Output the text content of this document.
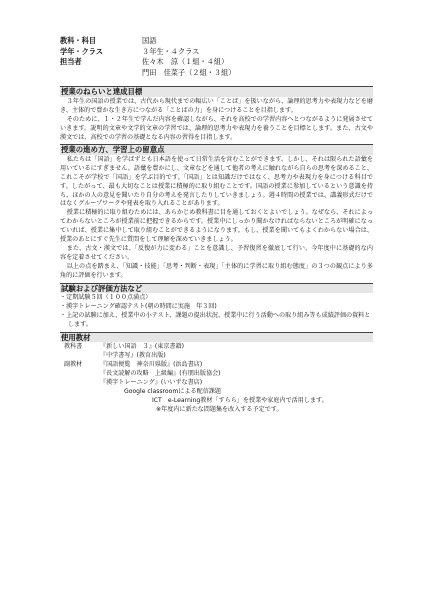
教科・科目	国語
学年・クラス	３年生・４クラス
担当者	佐々木　涼（１組・４組）
門田　佳菜子（２組・３組）
授業のねらいと達成目標

３年生の国語の授業では、古代から現代までの幅広い「ことば」を扱いながら、論理的思考力や表現力などを磨き、主体的で豊かな生き方につながる「ことばの力」を身につけることを目指します。

そのために、１・２年生で学んだ内容を確認しながら、それを高校での学習内容へとつながるように発展させていきます。説明的文章や文学的文章の学習では、論理的思考力や表現力を養うことを目標とします。また、古文や漢文では、高校での学習の基礎となる内容の習得を目指します。

授業の進め方、学習上の留意点

私たちは「国語」を学ばずとも日本語を使って日常生活を営むことができます。しかし、それは限られた語彙を用いているにすぎません。語彙を豊かにし、文章などを通して他者の考えに触れながら自らの思考を深めること、これこそが学校で「国語」を学ぶ目的です。「国語」とは知識だけではなく、思考力や表現力を身につける科目です。したがって、最も大切なことは授業に積極的に取り組むことです。国語の授業に参加しているという意識を持ち、ほかの人の意見を聞いたり自分の考えを発言したりしていきましょう。週４時間の授業では、講義形式だけではなくグループワークや発表を取り入れることがあります。

授業に積極的に取り組むためには、あらかじめ教科書に目を通しておくとよいでしょう。なぜなら、それによってわからないところが授業前に把握できるからです。授業中にしっかり聞かなければならないところが明確になっていれば、授業に集中して取り組むことができるようになります。もし、授業を聞いてもよくわからない場合は、授業のあとにすぐ先生に質問をして理解を深めていきましょう。

また、古文・漢文では、「反復が力に変わる」ことを意識し、予習復習を徹底して行い、今年度中に基礎的な内容を定着させてください。

以上の点を踏まえ、「知識・技能」「思考・判断・表現」「主体的に学習に取り組む態度」の３つの観点により多角的に評価を行います。

試験および評価方法など

・定期試験５回（１００点満点）

・漢字トレーニング確認テスト(朝の時間に実施　年３回)

・上記の試験に加え、授業中の小テスト、課題の提出状況、授業中に行う活動への取り組み等も成績評価の資料とします。

使用教材
教科書	『新しい国語　３』(東京書籍)
『中学書写』(教育出版)
副教材	『国語便覧　神奈川県版』(浜島書店)
『長文読解の攻略　上級編』(有朋出版協会)
『漢字トレーニング』(いいずな書店)
Google classroomによる配信課題
ICT　e-Learning教材「すらら」を授業や家庭内で活用します。
※年度内に新たな問題集を改入する予定です。
